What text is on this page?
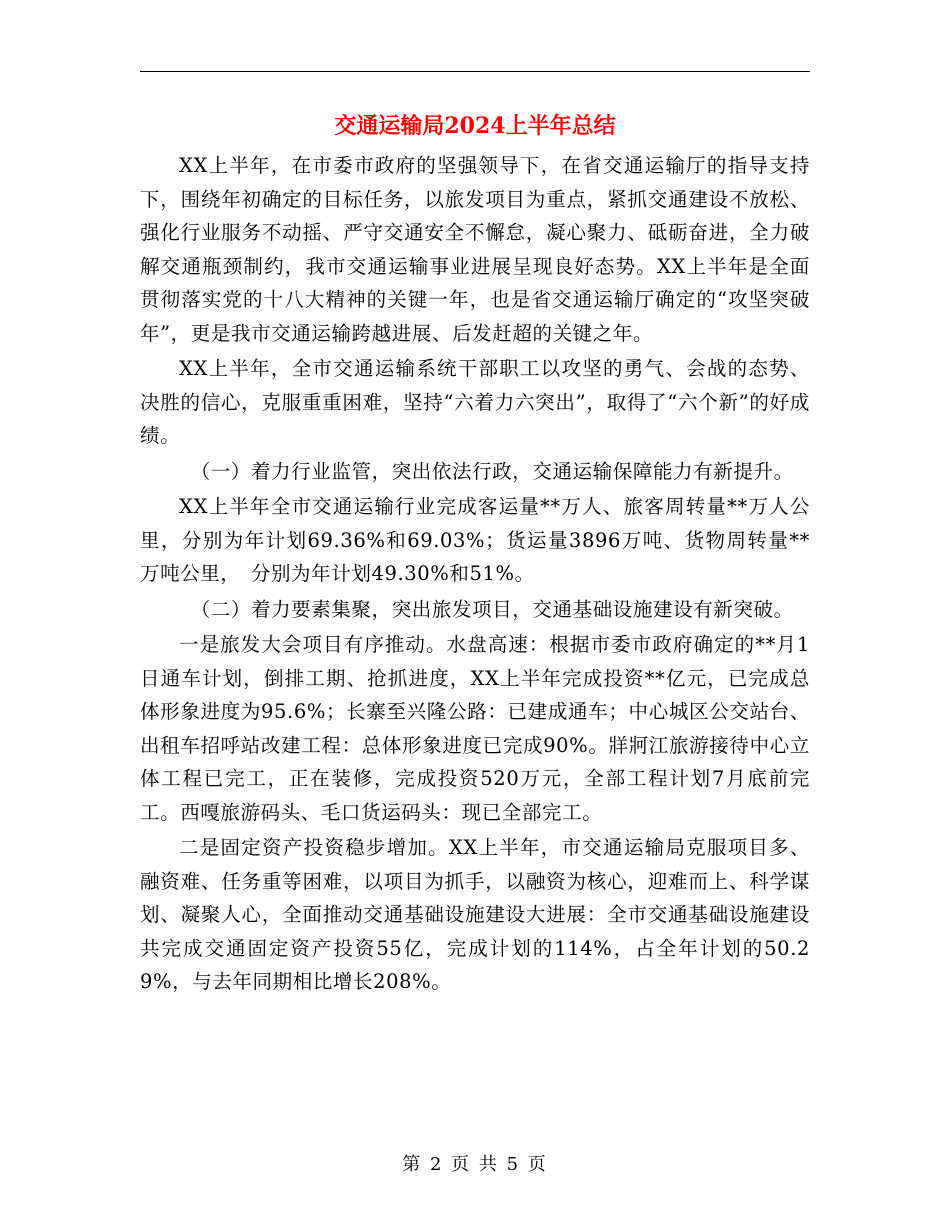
交通运输局2024上半年总结

XX上半年，在市委市政府的坚强领导下，在省交通运输厅的指导支持下，围绕年初确定的目标任务，以旅发项目为重点，紧抓交通建设不放松、强化行业服务不动摇、严守交通安全不懈怠，凝心聚力、砥砺奋进，全力破解交通瓶颈制约，我市交通运输事业进展呈现良好态势。XX上半年是全面贯彻落实党的十八大精神的关键一年，也是省交通运输厅确定的“攻坚突破年”，更是我市交通运输跨越进展、后发赶超的关键之年。

XX上半年，全市交通运输系统干部职工以攻坚的勇气、会战的态势、决胜的信心，克服重重困难，坚持“六着力六突出”，取得了“六个新”的好成绩。

（一）着力行业监管，突出依法行政，交通运输保障能力有新提升。

XX上半年全市交通运输行业完成客运量**万人、旅客周转量**万人公里，分别为年计划69.36%和69.03%；货运量3896万吨、货物周转量**万吨公里，　分别为年计划49.30%和51%。

（二）着力要素集聚，突出旅发项目，交通基础设施建设有新突破。

一是旅发大会项目有序推动。水盘高速：根据市委市政府确定的**月1日通车计划，倒排工期、抢抓进度，XX上半年完成投资**亿元，已完成总体形象进度为95.6%；长寨至兴隆公路：已建成通车；中心城区公交站台、出租车招呼站改建工程：总体形象进度已完成90%。牂牁江旅游接待中心立体工程已完工，正在装修，完成投资520万元，全部工程计划7月底前完工。西嘎旅游码头、毛口货运码头：现已全部完工。

二是固定资产投资稳步增加。XX上半年，市交通运输局克服项目多、融资难、任务重等困难，以项目为抓手，以融资为核心，迎难而上、科学谋划、凝聚人心，全面推动交通基础设施建设大进展：全市交通基础设施建设共完成交通固定资产投资55亿，完成计划的114%，占全年计划的50.29%，与去年同期相比增长208%。

第 2 页 共 5 页
